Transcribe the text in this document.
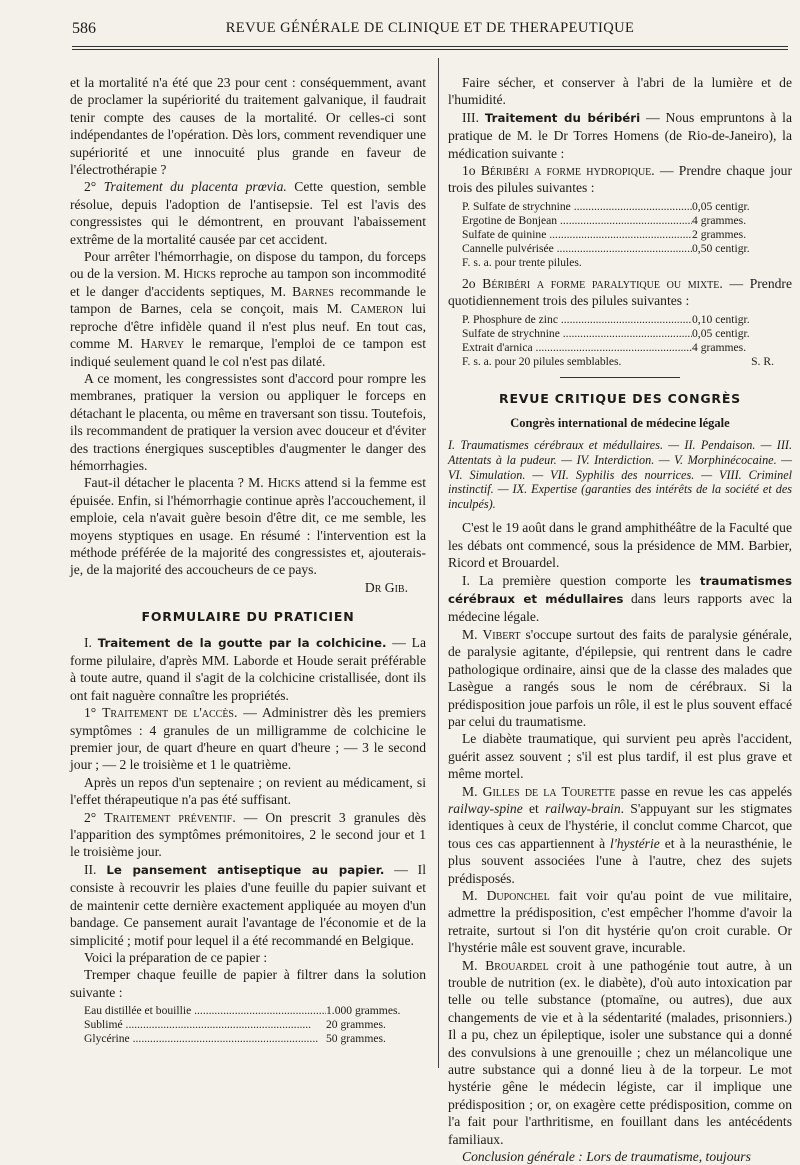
586	REVUE GÉNÉRALE DE CLINIQUE ET DE THERAPEUTIQUE

et la mortalité n'a été que 23 pour cent : conséquemment, avant de proclamer la supériorité du traitement galvanique, il faudrait tenir compte des causes de la mortalité. Or celles-ci sont indépendantes de l'opération. Dès lors, comment revendiquer une supériorité et une innocuité plus grande en faveur de l'électrothérapie ?

2° Traitement du placenta prœvia. Cette question, semble résolue, depuis l'adoption de l'antisepsie. Tel est l'avis des congressistes qui le démontrent, en prouvant l'abaissement extrême de la mortalité causée par cet accident.

Pour arrêter l'hémorrhagie, on dispose du tampon, du forceps ou de la version. M. Hicks reproche au tampon son incommodité et le danger d'accidents septiques, M. Barnes recommande le tampon de Barnes, cela se conçoit, mais M. Cameron lui reproche d'être infidèle quand il n'est plus neuf. En tout cas, comme M. Harvey le remarque, l'emploi de ce tampon est indiqué seulement quand le col n'est pas dilaté.

A ce moment, les congressistes sont d'accord pour rompre les membranes, pratiquer la version ou appliquer le forceps en détachant le placenta, ou même en traversant son tissu. Toutefois, ils recommandent de pratiquer la version avec douceur et d'éviter des tractions énergiques susceptibles d'augmenter le danger des hémorrhagies.

Faut-il détacher le placenta ? M. Hicks attend si la femme est épuisée. Enfin, si l'hémorrhagie continue après l'accouchement, il emploie, cela n'avait guère besoin d'être dit, ce me semble, les moyens styptiques en usage. En résumé : l'intervention est la méthode préférée de la majorité des congressistes et, ajouterais-je, de la majorité des accoucheurs de ce pays.

Dr Gib.

FORMULAIRE DU PRATICIEN

I. Traitement de la goutte par la colchicine. — La forme pilulaire, d'après MM. Laborde et Houde serait préférable à toute autre, quand il s'agit de la colchicine cristallisée, dont ils ont fait naguère connaître les propriétés.

1° Traitement de l'accès. — Administrer dès les premiers symptômes : 4 granules de un milligramme de colchicine le premier jour, de quart d'heure en quart d'heure ; — 3 le second jour ; — 2 le troisième et 1 le quatrième.

Après un repos d'un septenaire ; on revient au médicament, si l'effet thérapeutique n'a pas été suffisant.

2° Traitement préventif. — On prescrit 3 granules dès l'apparition des symptômes prémonitoires, 2 le second jour et 1 le troisième jour.

II. Le pansement antiseptique au papier. — Il consiste à recouvrir les plaies d'une feuille du papier suivant et de maintenir cette dernière exactement appliquée au moyen d'un bandage. Ce pansement aurait l'avantage de l'économie et de la simplicité ; motif pour lequel il a été recommandé en Belgique.

Voici la préparation de ce papier :

Tremper chaque feuille de papier à filtrer dans la solution suivante :

Eau distillée et bouillie .....	1.000 grammes.
Sublimé .....	20 grammes.
Glycérine .....	50 grammes.

Faire sécher, et conserver à l'abri de la lumière et de l'humidité.

III. Traitement du béribéri — Nous empruntons à la pratique de M. le Dr Torres Homens (de Rio-de-Janeiro), la médication suivante :

1o Béribéri a forme hydropique. — Prendre chaque jour trois des pilules suivantes :

P. Sulfate de strychnine .....	0,05 centigr.
Ergotine de Bonjean .....	4 grammes.
Sulfate de quinine .....	2 grammes.
Cannelle pulvérisée .....	0,50 centigr.
F. s. a. pour trente pilules.

2o Béribéri a forme paralytique ou mixte. — Prendre quotidiennement trois des pilules suivantes :

P. Phosphure de zinc .....	0,10 centigr.
Sulfate de strychnine .....	0,05 centigr.
Extrait d'arnica .....	4 grammes.
F. s. a. pour 20 pilules semblables.	S. R.
REVUE CRITIQUE DES CONGRÈS
Congrès international de médecine légale
I. Traumatismes cérébraux et médullaires. — II. Pendaison. — III. Attentats à la pudeur. — IV. Interdiction. — V. Morphinécocaine. — VI. Simulation. — VII. Syphilis des nourrices. — VIII. Criminel instinctif. — IX. Expertise (garanties des intérêts de la société et des inculpés).

C'est le 19 août dans le grand amphithéâtre de la Faculté que les débats ont commencé, sous la présidence de MM. Barbier, Ricord et Brouardel.

I. La première question comporte les traumatismes cérébraux et médullaires dans leurs rapports avec la médecine légale.

M. Vibert s'occupe surtout des faits de paralysie générale, de paralysie agitante, d'épilepsie, qui rentrent dans le cadre pathologique ordinaire, ainsi que de la classe des malades que Lasègue a rangés sous le nom de cérébraux. Si la prédisposition joue parfois un rôle, il est le plus souvent effacé par celui du traumatisme.

Le diabète traumatique, qui survient peu après l'accident, guérit assez souvent ; s'il est plus tardif, il est plus grave et même mortel.

M. Gilles de la Tourette passe en revue les cas appelés railway-spine et railway-brain. S'appuyant sur les stigmates identiques à ceux de l'hystérie, il conclut comme Charcot, que tous ces cas appartiennent à l'hystérie et à la neurasthénie, le plus souvent associées l'une à l'autre, chez des sujets prédisposés.

M. Duponchel fait voir qu'au point de vue militaire, admettre la prédisposition, c'est empêcher l'homme d'avoir la retraite, surtout si l'on dit hystérie qu'on croit curable. Or l'hystérie mâle est souvent grave, incurable.

M. Brouardel croit à une pathogénie tout autre, à un trouble de nutrition (ex. le diabète), d'où auto intoxication par telle ou telle substance (ptomaïne, ou autres), due aux changements de vie et à la sédentarité (malades, prisonniers.) Il a pu, chez un épileptique, isoler une substance qui a donné des convulsions à une grenouille ; chez un mélancolique une autre substance qui a donné lieu à de la torpeur. Le mot hystérie gêne le médecin légiste, car il implique une prédisposition ; or, on exagère cette prédisposition, comme on l'a fait pour l'arthritisme, en fouillant dans les antécédents familiaux.

Conclusion générale : Lors de traumatisme, toujours
